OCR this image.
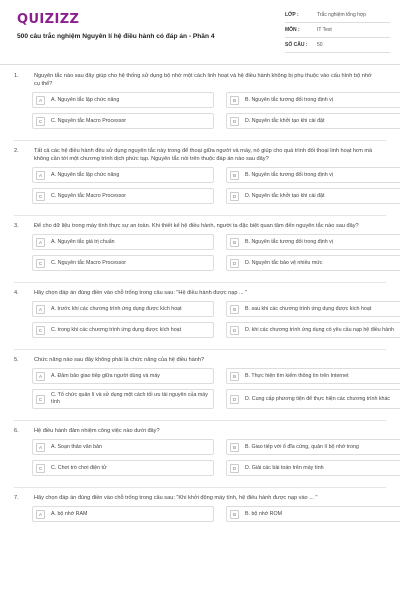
QUIZIZZ
500 câu trắc nghiệm Nguyên lí hệ điều hành có đáp án - Phần 4
LỚP :	Trắc nghiệm tổng hợp
MÔN :	IT Test
SỐ CÂU :	50
1.	Nguyên tắc nào sau đây giúp cho hệ thống sử dụng bộ nhớ một cách linh hoạt và hệ điều hành không bị phụ thuộc vào cấu hình bộ nhớ cụ thể?
A	A. Nguyên tắc lập chức năng	B	B. Nguyên tắc tương đối trong định vị
C	C. Nguyên tắc Macro Processor	D	D. Nguyên tắc khởi tạo khi cài đặt
2.	Tất cả các hệ điều hành đều sử dụng nguyên tắc này trong để thoại giữa người và máy, nó giúp cho quá trình đối thoại linh hoạt hơn mà không cần tới một chương trình dịch phức tạp. Nguyên tắc nói trên thuộc đáp án nào sau đây?
A	A. Nguyên tắc lập chức năng	B	B. Nguyên tắc tương đối trong định vị
C	C. Nguyên tắc Macro Processor	D	D. Nguyên tắc khởi tạo khi cài đặt
3.	Để cho dữ liệu trong máy tính thực sự an toàn. Khi thiết kế hệ điều hành, người ta đặc biệt quan tâm đến nguyên tắc nào sau đây?
A	A. Nguyên tắc giá trị chuẩn	B	B. Nguyên tắc tương đối trong định vị
C	C. Nguyên tắc Macro Processor	D	D. Nguyên tắc bảo vệ nhiều mức
4.	Hãy chọn đáp án đúng điền vào chỗ trống trong câu sau: "Hệ điều hành được nạp ... "
A	A. trước khi các chương trình ứng dụng được kích hoạt	B	B. sau khi các chương trình ứng dụng được kích hoạt
C	C. trong khi các chương trình ứng dụng được kích hoạt	D	D. khi các chương trình ứng dụng có yêu cầu nạp hệ điều hành
5.	Chức năng nào sau đây không phải là chức năng của hệ điều hành?
A	A. Đảm bảo giao tiếp giữa người dùng và máy	B	B. Thực hiện tìm kiếm thông tin trên Internet
C
C. Tổ chức quản lí và sử dụng một cách tối ưu tài nguyên của máy tính	D	D. Cung cấp phương tiện để thực hiện các chương trình khác
6.	Hệ điều hành đảm nhiệm công việc nào dưới đây?
A	A. Soạn thảo văn bản	B	B. Giao tiếp với ổ đĩa cứng, quản lí bộ nhớ trong
C	C. Chơi trò chơi điện tử	D	D. Giải các bài toán trên máy tính
7.	Hãy chọn đáp án đúng điền vào chỗ trống trong câu sau: "Khi khởi động máy tính, hệ điều hành được nạp vào ... "
A	A. bộ nhớ RAM	B	B. bộ nhớ ROM
